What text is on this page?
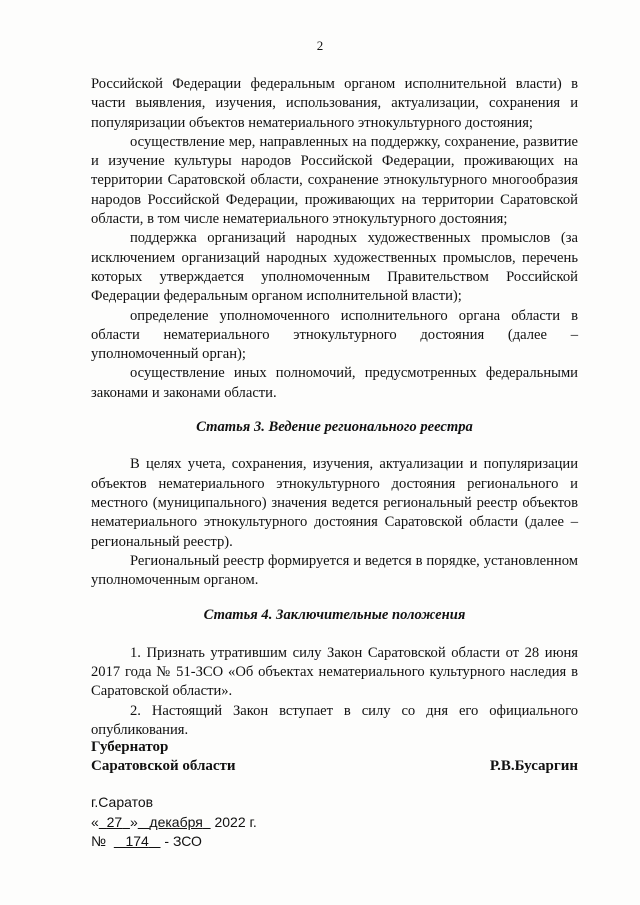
2

Российской Федерации федеральным органом исполнительной власти) в части выявления, изучения, использования, актуализации, сохранения и популяризации объектов нематериального этнокультурного достояния;

осуществление мер, направленных на поддержку, сохранение, развитие и изучение культуры народов Российской Федерации, проживающих на территории Саратовской области, сохранение этнокультурного многообразия народов Российской Федерации, проживающих на территории Саратовской области, в том числе нематериального этнокультурного достояния;

поддержка организаций народных художественных промыслов (за исключением организаций народных художественных промыслов, перечень которых утверждается уполномоченным Правительством Российской Федерации федеральным органом исполнительной власти);

определение уполномоченного исполнительного органа области в области нематериального этнокультурного достояния (далее – уполномоченный орган);

осуществление иных полномочий, предусмотренных федеральными законами и законами области.

Статья 3. Ведение регионального реестра

В целях учета, сохранения, изучения, актуализации и популяризации объектов нематериального этнокультурного достояния регионального и местного (муниципального) значения ведется региональный реестр объектов нематериального этнокультурного достояния Саратовской области (далее – региональный реестр).

Региональный реестр формируется и ведется в порядке, установленном уполномоченным органом.

Статья 4. Заключительные положения

1. Признать утратившим силу Закон Саратовской области от 28 июня 2017 года № 51-ЗСО «Об объектах нематериального культурного наследия в Саратовской области».

2. Настоящий Закон вступает в силу со дня его официального опубликования.

Губернатор
Саратовской области	Р.В.Бусаргин
г.Саратов
« 27 » декабря 2022 г.
№     174 - ЗСО
